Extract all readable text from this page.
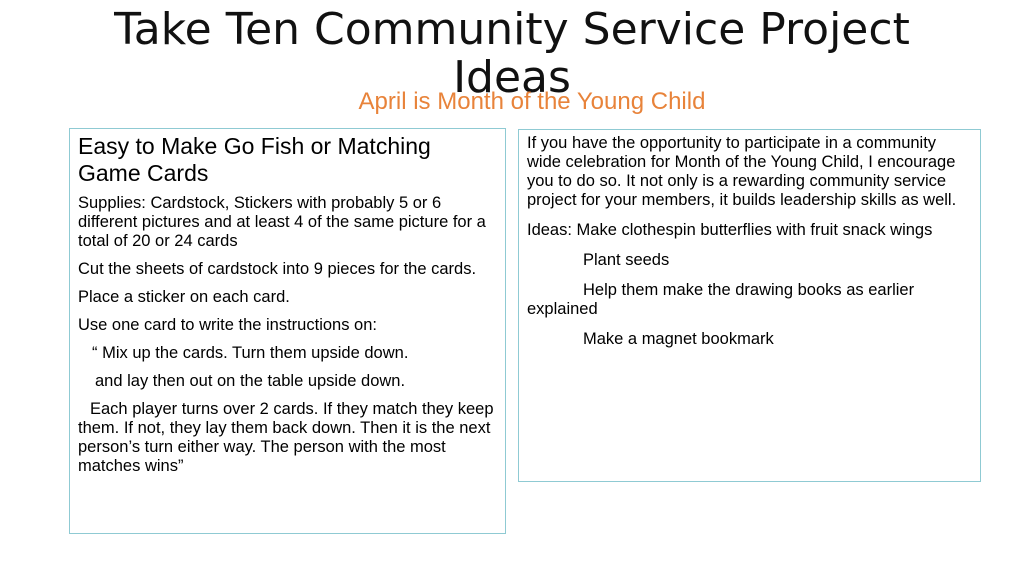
Take Ten Community Service Project Ideas
April is Month of the Young Child

Easy to Make Go Fish or Matching Game Cards

Supplies: Cardstock, Stickers with probably 5 or 6 different pictures and at least 4 of the same picture for a total of 20 or 24 cards

Cut the sheets of cardstock into 9 pieces for the cards.

Place a sticker on each card.

Use one card to write the instructions on:

“ Mix up the cards. Turn them upside down.

and lay then out on the table upside down.

Each player turns over 2 cards. If they match they keep them. If not, they lay them back down. Then it is the next person’s turn either way. The person with the most matches wins”

If you have the opportunity to participate in a community wide celebration for Month of the Young Child, I encourage you to do so. It not only is a rewarding community service project for your members, it builds leadership skills as well.

Ideas: Make clothespin butterflies with fruit snack wings

Plant seeds

Help them make the drawing books as earlier explained

Make a magnet bookmark
